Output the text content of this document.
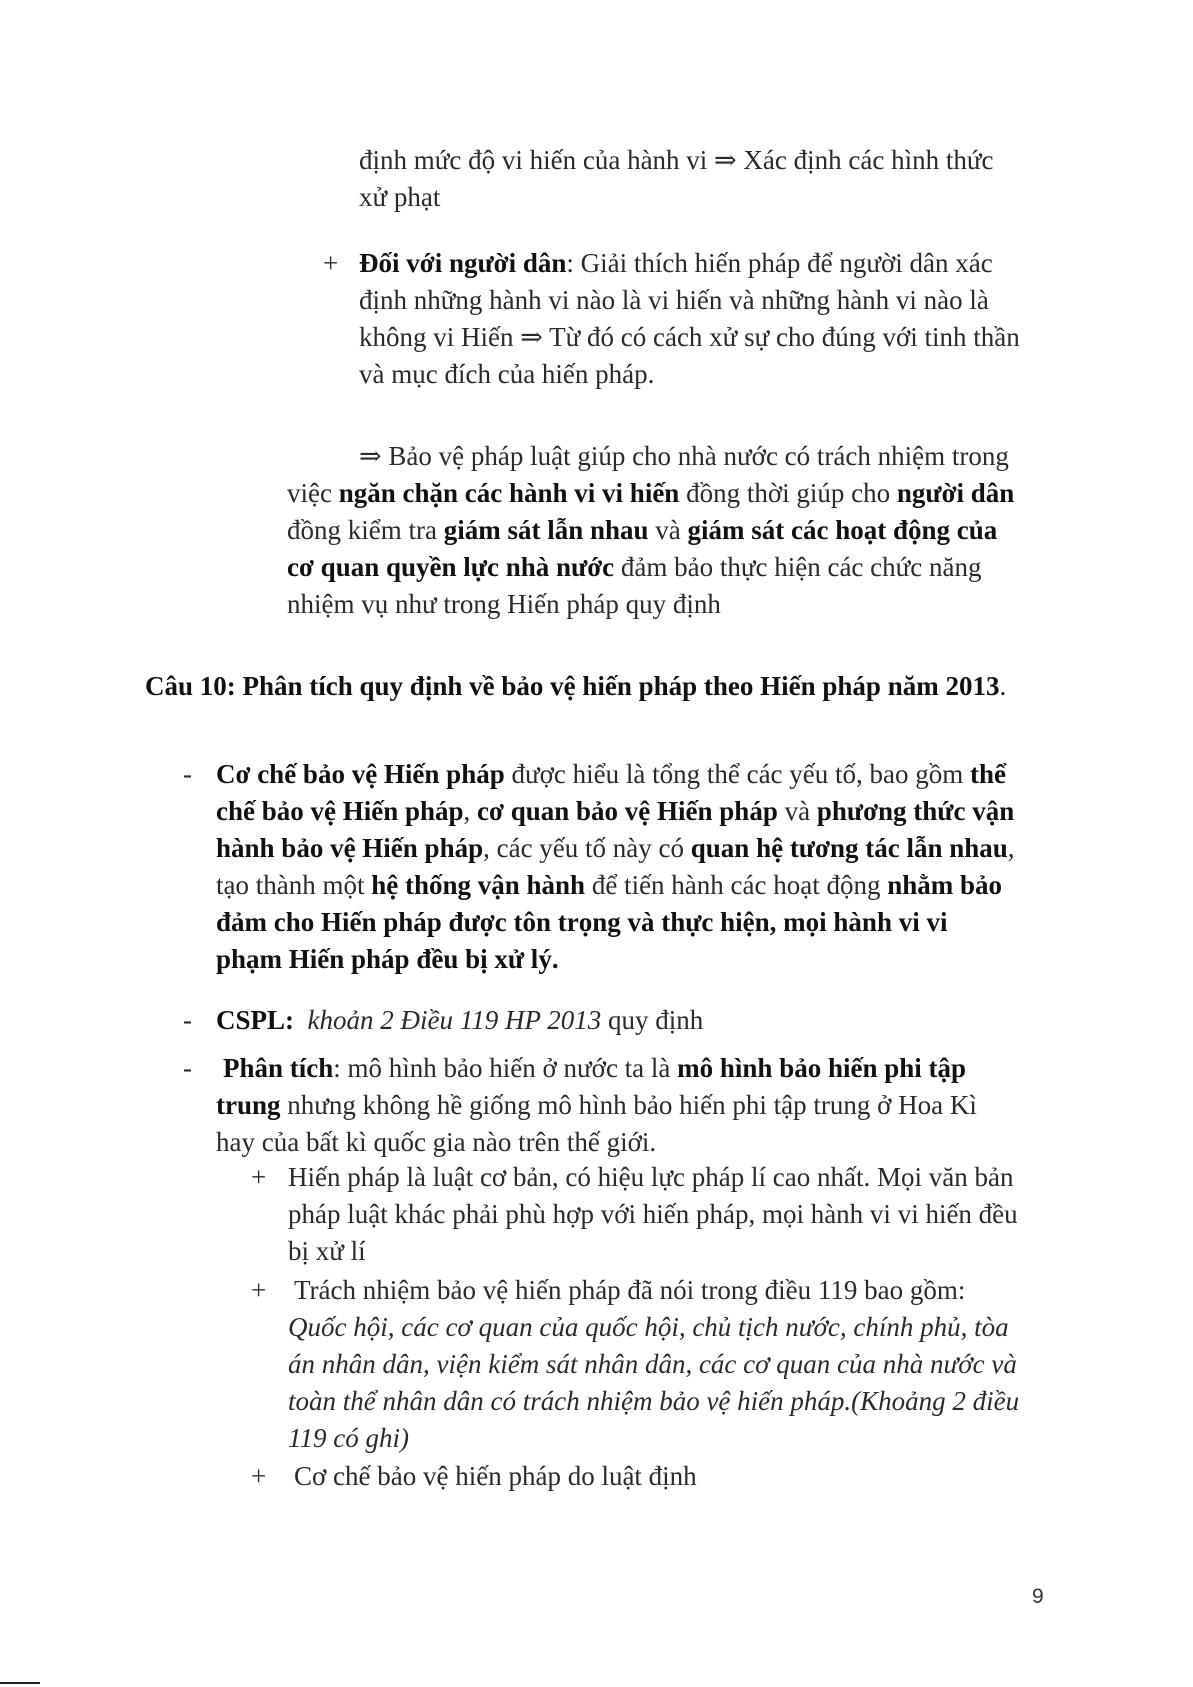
định mức độ vi hiến của hành vi ⇒ Xác định các hình thức
xử phạt
+ Đối với người dân: Giải thích hiến pháp để người dân xác
định những hành vi nào là vi hiến và những hành vi nào là
không vi Hiến ⇒ Từ đó có cách xử sự cho đúng với tinh thần
và mục đích của hiến pháp.
⇒ Bảo vệ pháp luật giúp cho nhà nước có trách nhiệm trong
việc ngăn chặn các hành vi vi hiến đồng thời giúp cho người dân
đồng kiểm tra giám sát lẫn nhau và giám sát các hoạt động của
cơ quan quyền lực nhà nước đảm bảo thực hiện các chức năng
nhiệm vụ như trong Hiến pháp quy định
Câu 10: Phân tích quy định về bảo vệ hiến pháp theo Hiến pháp năm 2013.
- Cơ chế bảo vệ Hiến pháp được hiểu là tổng thể các yếu tố, bao gồm thể
chế bảo vệ Hiến pháp, cơ quan bảo vệ Hiến pháp và phương thức vận
hành bảo vệ Hiến pháp, các yếu tố này có quan hệ tương tác lẫn nhau,
tạo thành một hệ thống vận hành để tiến hành các hoạt động nhằm bảo
đảm cho Hiến pháp được tôn trọng và thực hiện, mọi hành vi vi
phạm Hiến pháp đều bị xử lý.
- CSPL: khoản 2 Điều 119 HP 2013 quy định
- Phân tích: mô hình bảo hiến ở nước ta là mô hình bảo hiến phi tập
trung nhưng không hề giống mô hình bảo hiến phi tập trung ở Hoa Kì
hay của bất kì quốc gia nào trên thế giới.
+ Hiến pháp là luật cơ bản, có hiệu lực pháp lí cao nhất. Mọi văn bản
pháp luật khác phải phù hợp với hiến pháp, mọi hành vi vi hiến đều
bị xử lí
+ Trách nhiệm bảo vệ hiến pháp đã nói trong điều 119 bao gồm:
Quốc hội, các cơ quan của quốc hội, chủ tịch nước, chính phủ, tòa
án nhân dân, viện kiểm sát nhân dân, các cơ quan của nhà nước và
toàn thể nhân dân có trách nhiệm bảo vệ hiến pháp.(Khoảng 2 điều
119 có ghi)
+ Cơ chế bảo vệ hiến pháp do luật định
9
